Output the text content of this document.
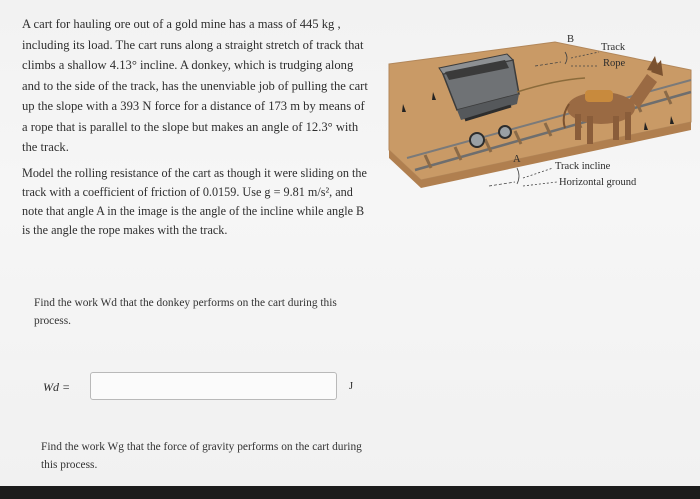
A cart for hauling ore out of a gold mine has a mass of 445 kg , including its load. The cart runs along a straight stretch of track that climbs a shallow 4.13° incline. A donkey, which is trudging along and to the side of the track, has the unenviable job of pulling the cart up the slope with a 393 N force for a distance of 173 m by means of a rope that is parallel to the slope but makes an angle of 12.3° with the track.

Model the rolling resistance of the cart as though it were sliding on the track with a coefficient of friction of 0.0159. Use g = 9.81 m/s², and note that angle A in the image is the angle of the incline while angle B is the angle the rope makes with the track.

B
Track
Rope
A
Track incline
Horizontal ground
Find the work Wd that the donkey performs on the cart during this process.
Wd =	J
Find the work Wg that the force of gravity performs on the cart during this process.
